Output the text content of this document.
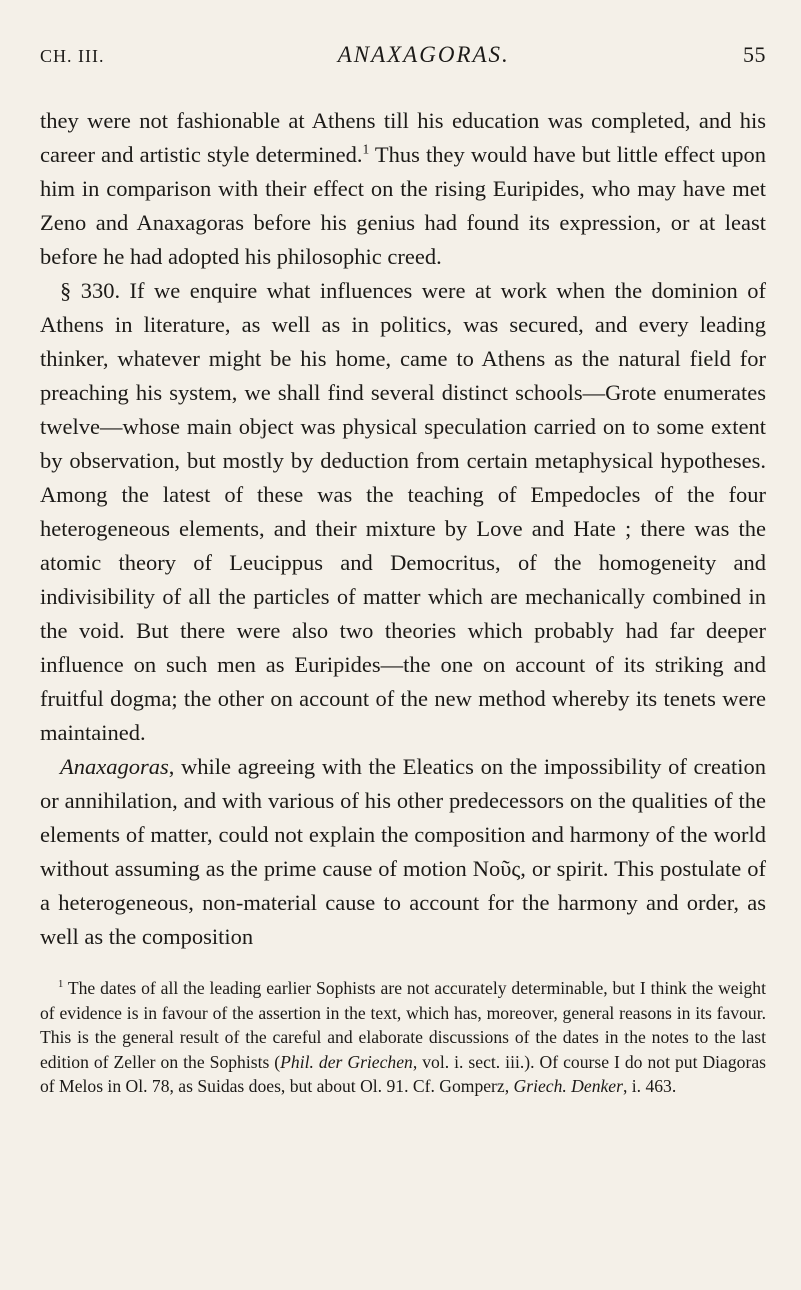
CH. III.	ANAXAGORAS.	55

they were not fashionable at Athens till his education was completed, and his career and artistic style determined.$^1$ Thus they would have but little effect upon him in comparison with their effect on the rising Euripides, who may have met Zeno and Anaxagoras before his genius had found its expression, or at least before he had adopted his philosophic creed.

§ 330. If we enquire what influences were at work when the dominion of Athens in literature, as well as in politics, was secured, and every leading thinker, whatever might be his home, came to Athens as the natural field for preaching his system, we shall find several distinct schools—Grote enumerates twelve—whose main object was physical speculation carried on to some extent by observation, but mostly by deduction from certain metaphysical hypotheses. Among the latest of these was the teaching of Empedocles of the four heterogeneous elements, and their mixture by Love and Hate ; there was the atomic theory of Leucippus and Democritus, of the homogeneity and indivisibility of all the particles of matter which are mechanically combined in the void. But there were also two theories which probably had far deeper influence on such men as Euripides—the one on account of its striking and fruitful dogma; the other on account of the new method whereby its tenets were maintained.

Anaxagoras, while agreeing with the Eleatics on the impossibility of creation or annihilation, and with various of his other predecessors on the qualities of the elements of matter, could not explain the composition and harmony of the world without assuming as the prime cause of motion Νοῦς, or spirit. This postulate of a heterogeneous, non-material cause to account for the harmony and order, as well as the composition

$^1$ The dates of all the leading earlier Sophists are not accurately determinable, but I think the weight of evidence is in favour of the assertion in the text, which has, moreover, general reasons in its favour. This is the general result of the careful and elaborate discussions of the dates in the notes to the last edition of Zeller on the Sophists (Phil. der Griechen, vol. i. sect. iii.). Of course I do not put Diagoras of Melos in Ol. 78, as Suidas does, but about Ol. 91. Cf. Gomperz, Griech. Denker, i. 463.
